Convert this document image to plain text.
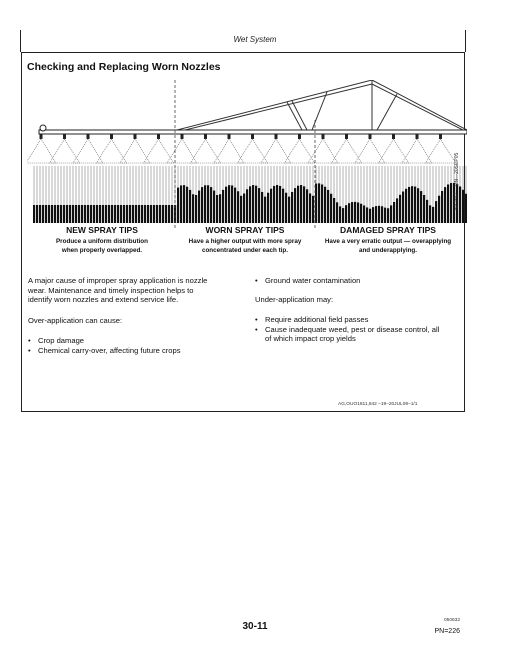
Wet System
Checking and Replacing Worn Nozzles
N37847 —UN—20SEP05
NEW SPRAY TIPS
Produce a uniform distribution
when properly overlapped.
WORN SPRAY TIPS
Have a higher output with more spray
concentrated under each tip.
DAMAGED SPRAY TIPS
Have a very erratic output — overapplying
and underapplying.
A major cause of improper spray application is nozzle
wear. Maintenance and timely inspection helps to
identify worn nozzles and extend service life.
Over-application can cause:
• Crop damage
• Chemical carry-over, affecting future crops
• Ground water contamination
Under-application may:
• Require additional field passes
• Cause inadequate weed, pest or disease control, all
of which impact crop yields
AG,OUO1811,842 –19–20JUL09–1/1
30-11
050632
PN=226
